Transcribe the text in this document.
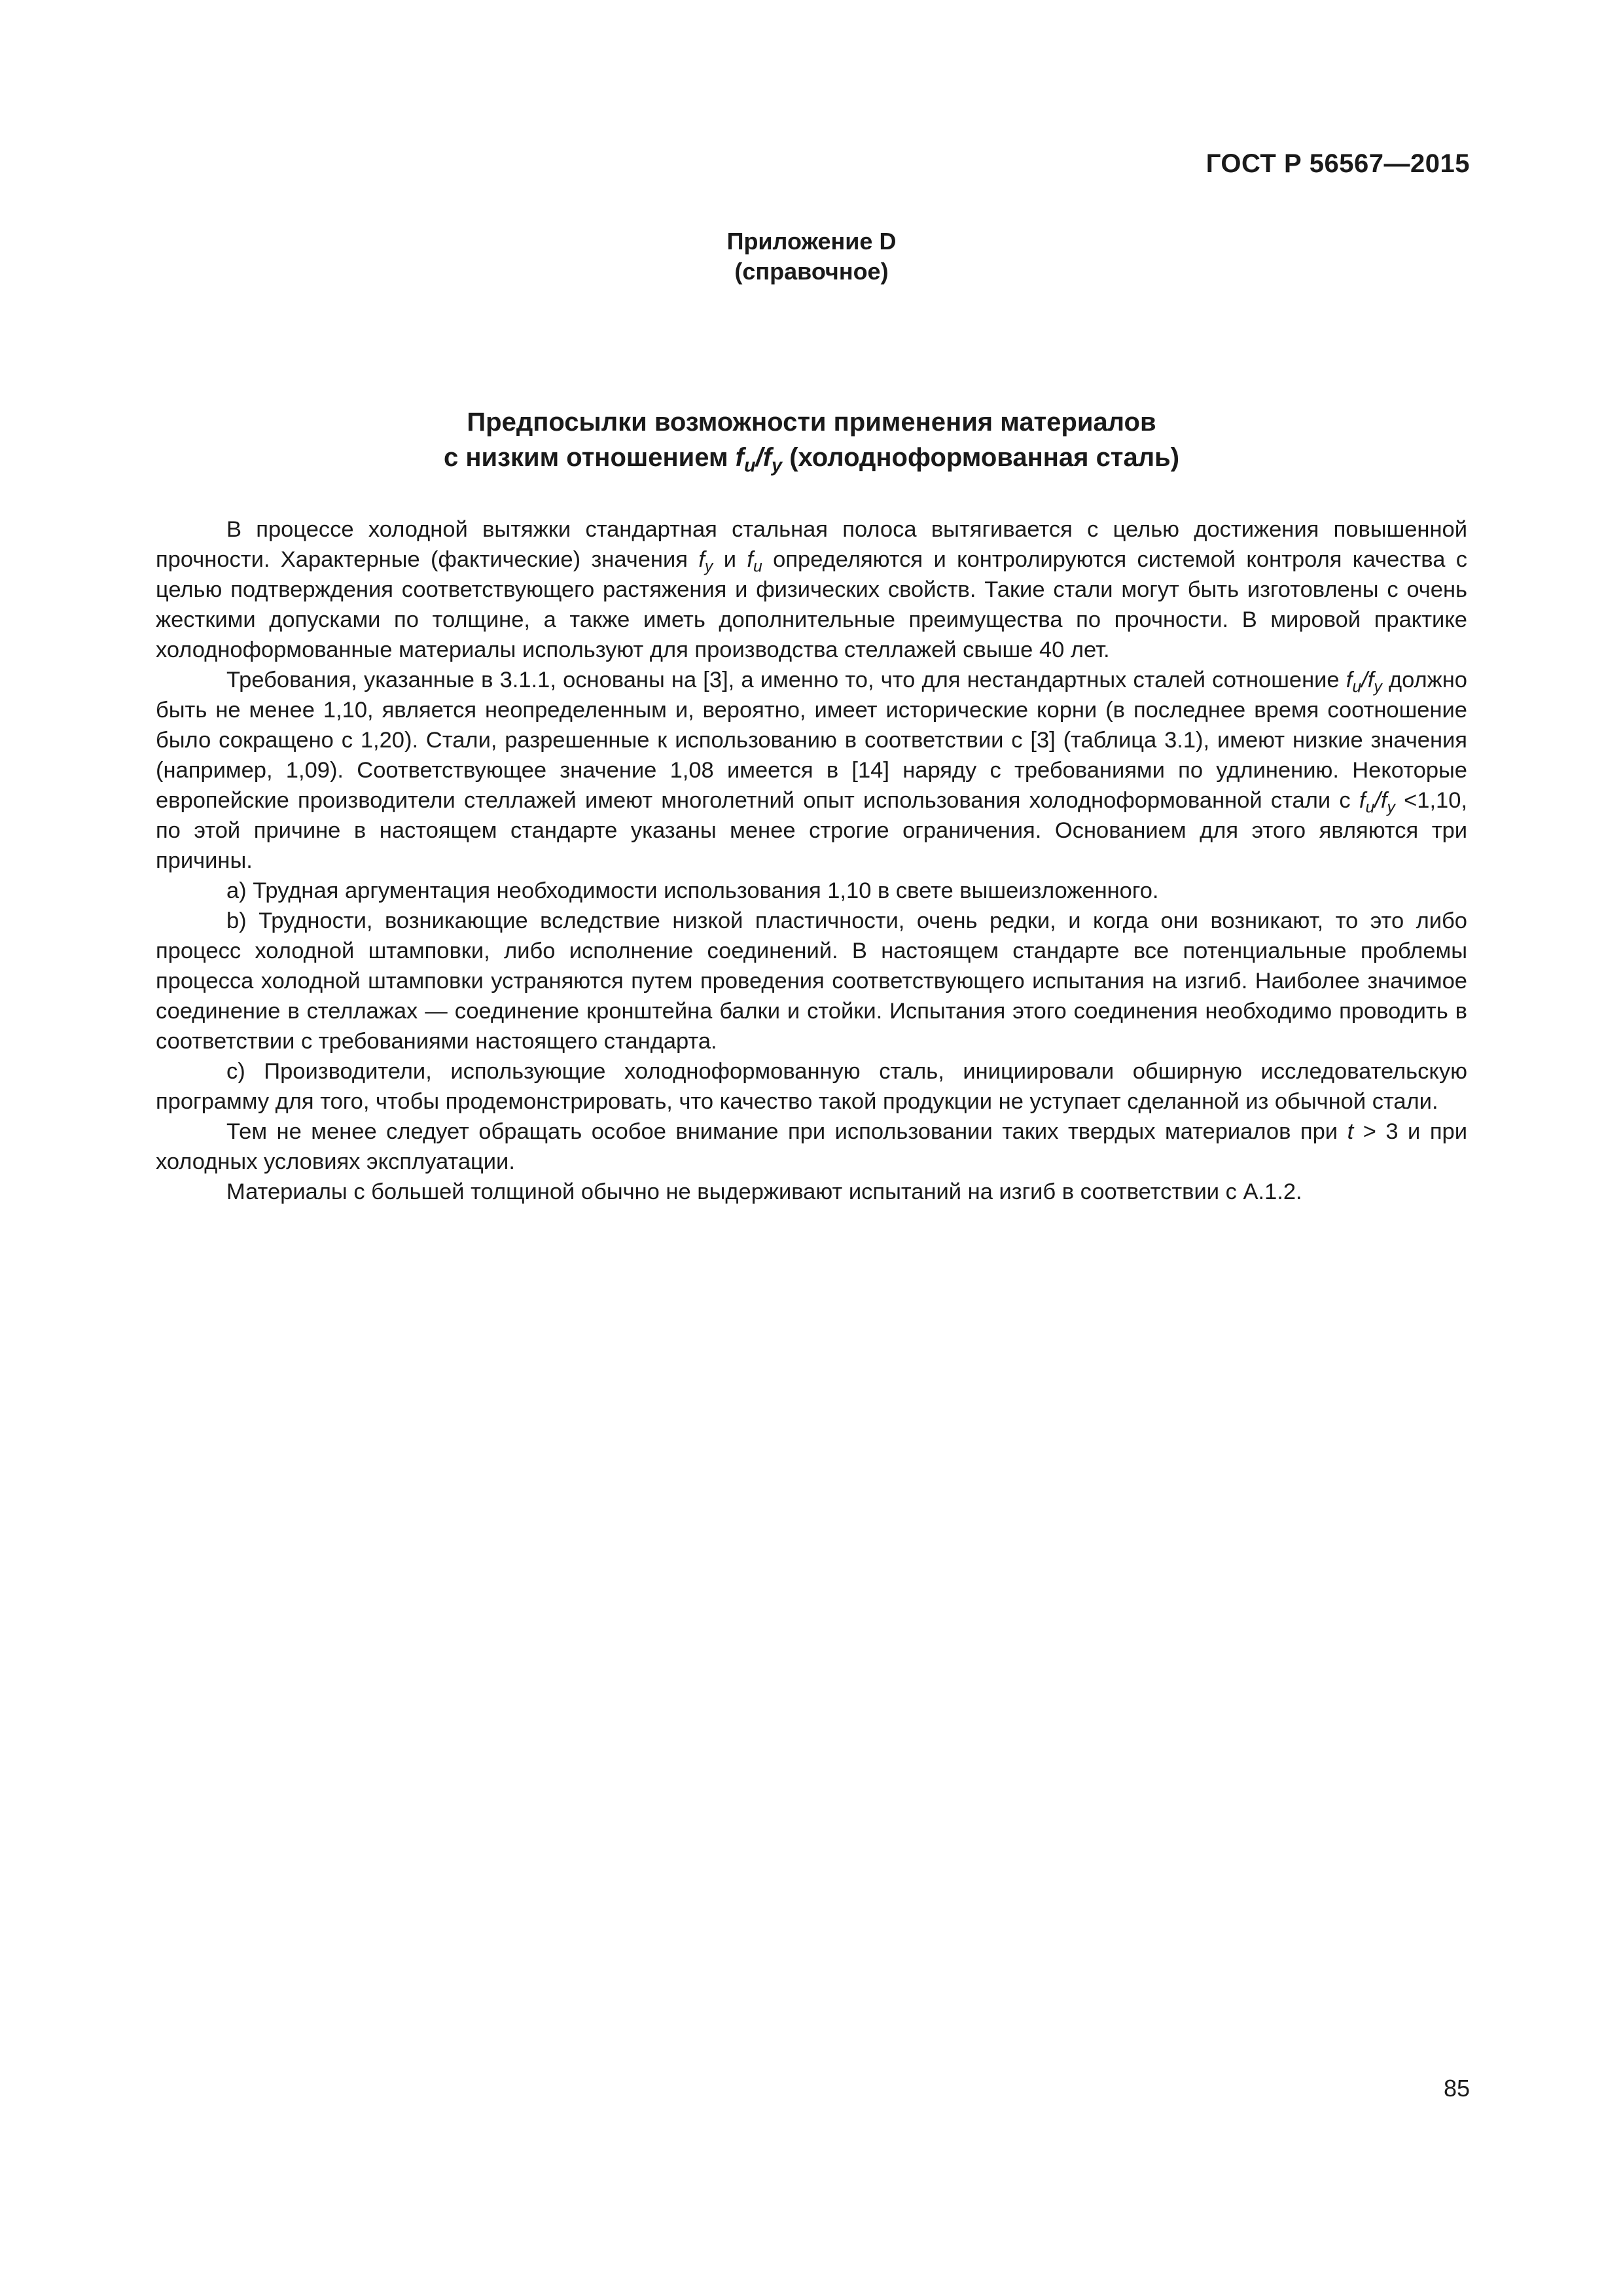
ГОСТ Р 56567—2015
Приложение D
(справочное)
Предпосылки возможности применения материалов
с низким отношением $f_u/f_y$ (холодноформованная сталь)

В процессе холодной вытяжки стандартная стальная полоса вытягивается с целью достижения повышенной прочности. Характерные (фактические) значения $f_y$ и $f_u$ определяются и контролируются системой контроля качества с целью подтверждения соответствующего растяжения и физических свойств. Такие стали могут быть изготовлены с очень жесткими допусками по толщине, а также иметь дополнительные преимущества по прочности. В мировой практике холодноформованные материалы используют для производства стеллажей свыше 40 лет.

Требования, указанные в 3.1.1, основаны на [3], а именно то, что для нестандартных сталей сотношение $f_u/f_y$ должно быть не менее 1,10, является неопределенным и, вероятно, имеет исторические корни (в последнее время соотношение было сокращено с 1,20). Стали, разрешенные к использованию в соответствии с [3] (таблица 3.1), имеют низкие значения (например, 1,09). Соответствующее значение 1,08 имеется в [14] наряду с требованиями по удлинению. Некоторые европейские производители стеллажей имеют многолетний опыт использования холодноформованной стали с $f_u/f_y <1,10$, по этой причине в настоящем стандарте указаны менее строгие ограничения. Основанием для этого являются три причины.

a) Трудная аргументация необходимости использования 1,10 в свете вышеизложенного.

b) Трудности, возникающие вследствие низкой пластичности, очень редки, и когда они возникают, то это либо процесс холодной штамповки, либо исполнение соединений. В настоящем стандарте все потенциальные проблемы процесса холодной штамповки устраняются путем проведения соответствующего испытания на изгиб. Наиболее значимое соединение в стеллажах — соединение кронштейна балки и стойки. Испытания этого соединения необходимо проводить в соответствии с требованиями настоящего стандарта.

c) Производители, использующие холодноформованную сталь, инициировали обширную исследовательскую программу для того, чтобы продемонстрировать, что качество такой продукции не уступает сделанной из обычной стали.

Тем не менее следует обращать особое внимание при использовании таких твердых материалов при t > 3 и при холодных условиях эксплуатации.

Материалы с большей толщиной обычно не выдерживают испытаний на изгиб в соответствии с А.1.2.

85
